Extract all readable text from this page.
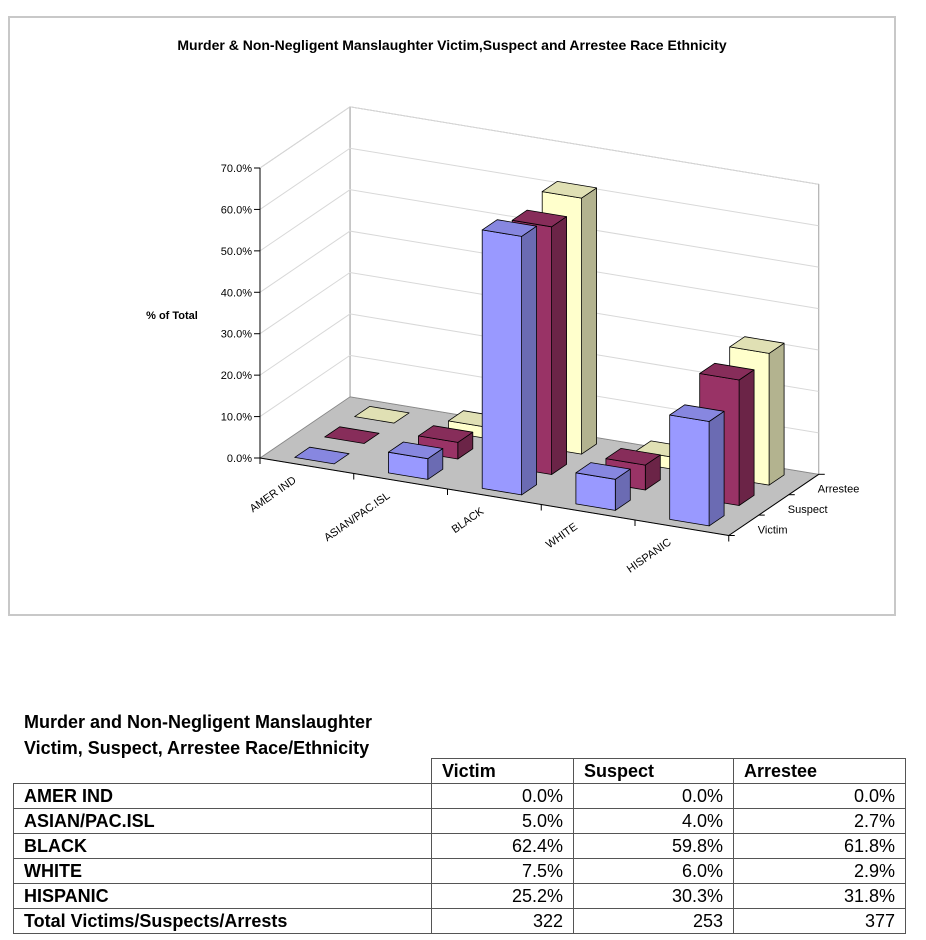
Murder & Non-Negligent Manslaughter Victim,Suspect and Arrestee Race Ethnicity
0.0%
10.0%
20.0%
30.0%
40.0%
50.0%
60.0%
70.0%
% of Total
AMER IND ASIAN/PAC.ISL	BLACK
WHITE
HISPANIC
Victim
Suspect
Arrestee
Murder and Non-Negligent Manslaughter
Victim, Suspect, Arrestee Race/Ethnicity
	Victim	Suspect	Arrestee
AMER IND	0.0%	0.0%	0.0%
ASIAN/PAC.ISL	5.0%	4.0%	2.7%
BLACK	62.4%	59.8%	61.8%
WHITE	7.5%	6.0%	2.9%
HISPANIC	25.2%	30.3%	31.8%
Total Victims/Suspects/Arrests	322	253	377
